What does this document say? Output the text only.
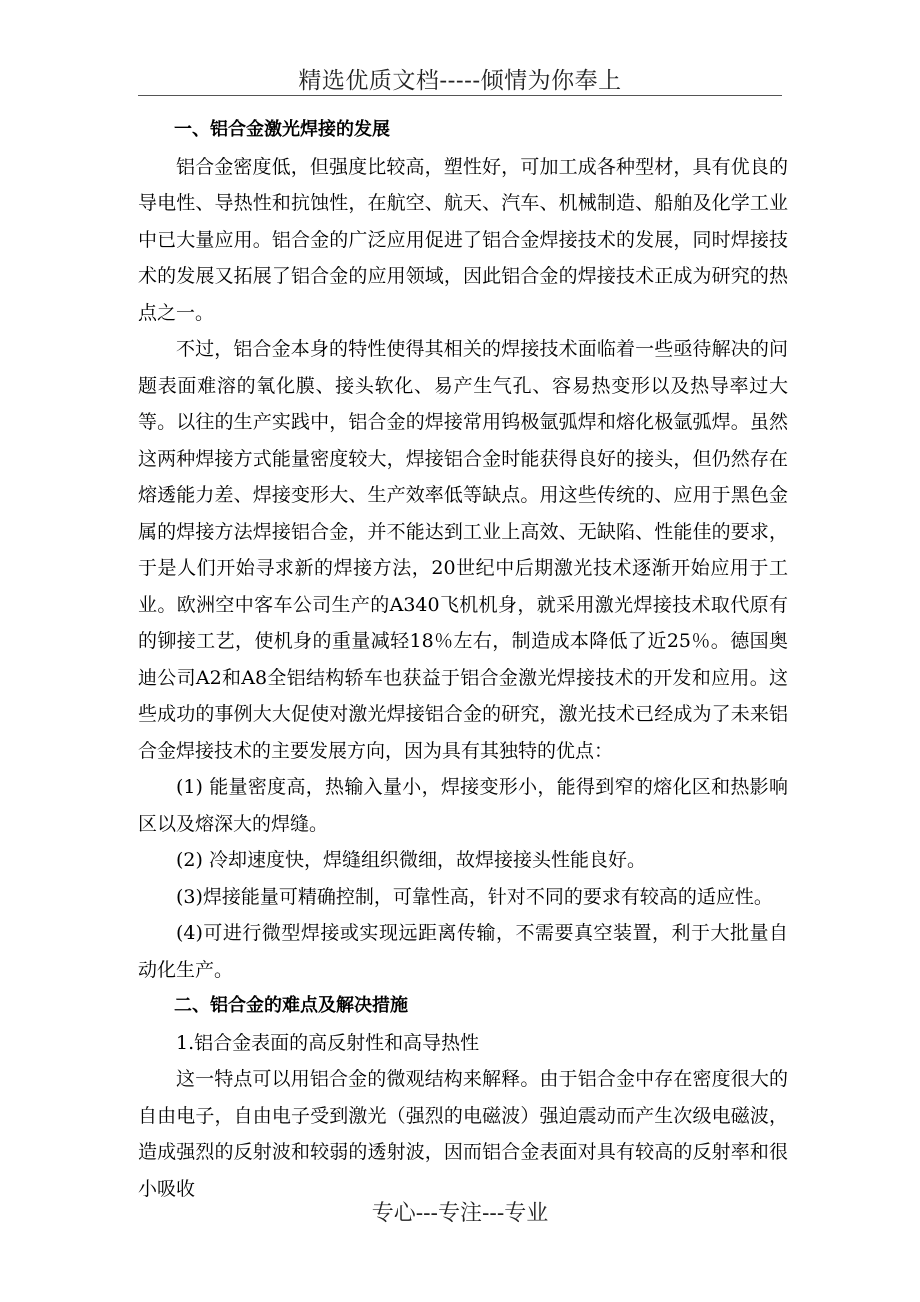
精选优质文档-----倾情为你奉上

一、铝合金激光焊接的发展

铝合金密度低，但强度比较高，塑性好，可加工成各种型材，具有优良的导电性、导热性和抗蚀性，在航空、航天、汽车、机械制造、船舶及化学工业中已大量应用。铝合金的广泛应用促进了铝合金焊接技术的发展，同时焊接技术的发展又拓展了铝合金的应用领域，因此铝合金的焊接技术正成为研究的热点之一。

不过，铝合金本身的特性使得其相关的焊接技术面临着一些亟待解决的问题表面难溶的氧化膜、接头软化、易产生气孔、容易热变形以及热导率过大等。以往的生产实践中，铝合金的焊接常用钨极氩弧焊和熔化极氩弧焊。虽然这两种焊接方式能量密度较大，焊接铝合金时能获得良好的接头，但仍然存在熔透能力差、焊接变形大、生产效率低等缺点。用这些传统的、应用于黑色金属的焊接方法焊接铝合金，并不能达到工业上高效、无缺陷、性能佳的要求，于是人们开始寻求新的焊接方法，20世纪中后期激光技术逐渐开始应用于工业。欧洲空中客车公司生产的A340飞机机身，就采用激光焊接技术取代原有的铆接工艺，使机身的重量减轻18％左右，制造成本降低了近25％。德国奥迪公司A2和A8全铝结构轿车也获益于铝合金激光焊接技术的开发和应用。这些成功的事例大大促使对激光焊接铝合金的研究，激光技术已经成为了未来铝合金焊接技术的主要发展方向，因为具有其独特的优点：

(1) 能量密度高，热输入量小，焊接变形小，能得到窄的熔化区和热影响区以及熔深大的焊缝。

(2) 冷却速度快，焊缝组织微细，故焊接接头性能良好。

(3)焊接能量可精确控制，可靠性高，针对不同的要求有较高的适应性。

(4)可进行微型焊接或实现远距离传输，不需要真空装置，利于大批量自动化生产。

二、铝合金的难点及解决措施

1.铝合金表面的高反射性和高导热性

这一特点可以用铝合金的微观结构来解释。由于铝合金中存在密度很大的自由电子，自由电子受到激光（强烈的电磁波）强迫震动而产生次级电磁波，造成强烈的反射波和较弱的透射波，因而铝合金表面对具有较高的反射率和很小吸收

专心---专注---专业
